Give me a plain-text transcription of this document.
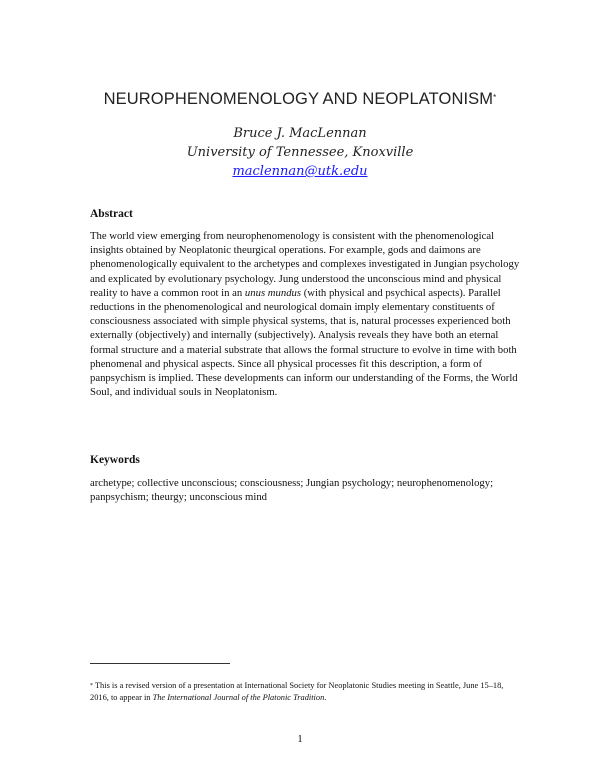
NEUROPHENOMENOLOGY AND NEOPLATONISM*
Bruce J. MacLennan
University of Tennessee, Knoxville
maclennan@utk.edu
Abstract
The world view emerging from neurophenomenology is consistent with the phenomenological insights obtained by Neoplatonic theurgical operations. For example, gods and daimons are phenomenologically equivalent to the archetypes and complexes investigated in Jungian psychology and explicated by evolutionary psychology. Jung understood the unconscious mind and physical reality to have a common root in an unus mundus (with physical and psychical aspects). Parallel reductions in the phenomenological and neurological domain imply elementary constituents of consciousness associated with simple physical systems, that is, natural processes experienced both externally (objectively) and internally (subjectively). Analysis reveals they have both an eternal formal structure and a material substrate that allows the formal structure to evolve in time with both phenomenal and physical aspects. Since all physical processes fit this description, a form of panpsychism is implied. These developments can inform our understanding of the Forms, the World Soul, and individual souls in Neoplatonism.
Keywords
archetype; collective unconscious; consciousness; Jungian psychology; neurophenomenology; panpsychism; theurgy; unconscious mind
* This is a revised version of a presentation at International Society for Neoplatonic Studies meeting in Seattle, June 15–18, 2016, to appear in The International Journal of the Platonic Tradition.
1
